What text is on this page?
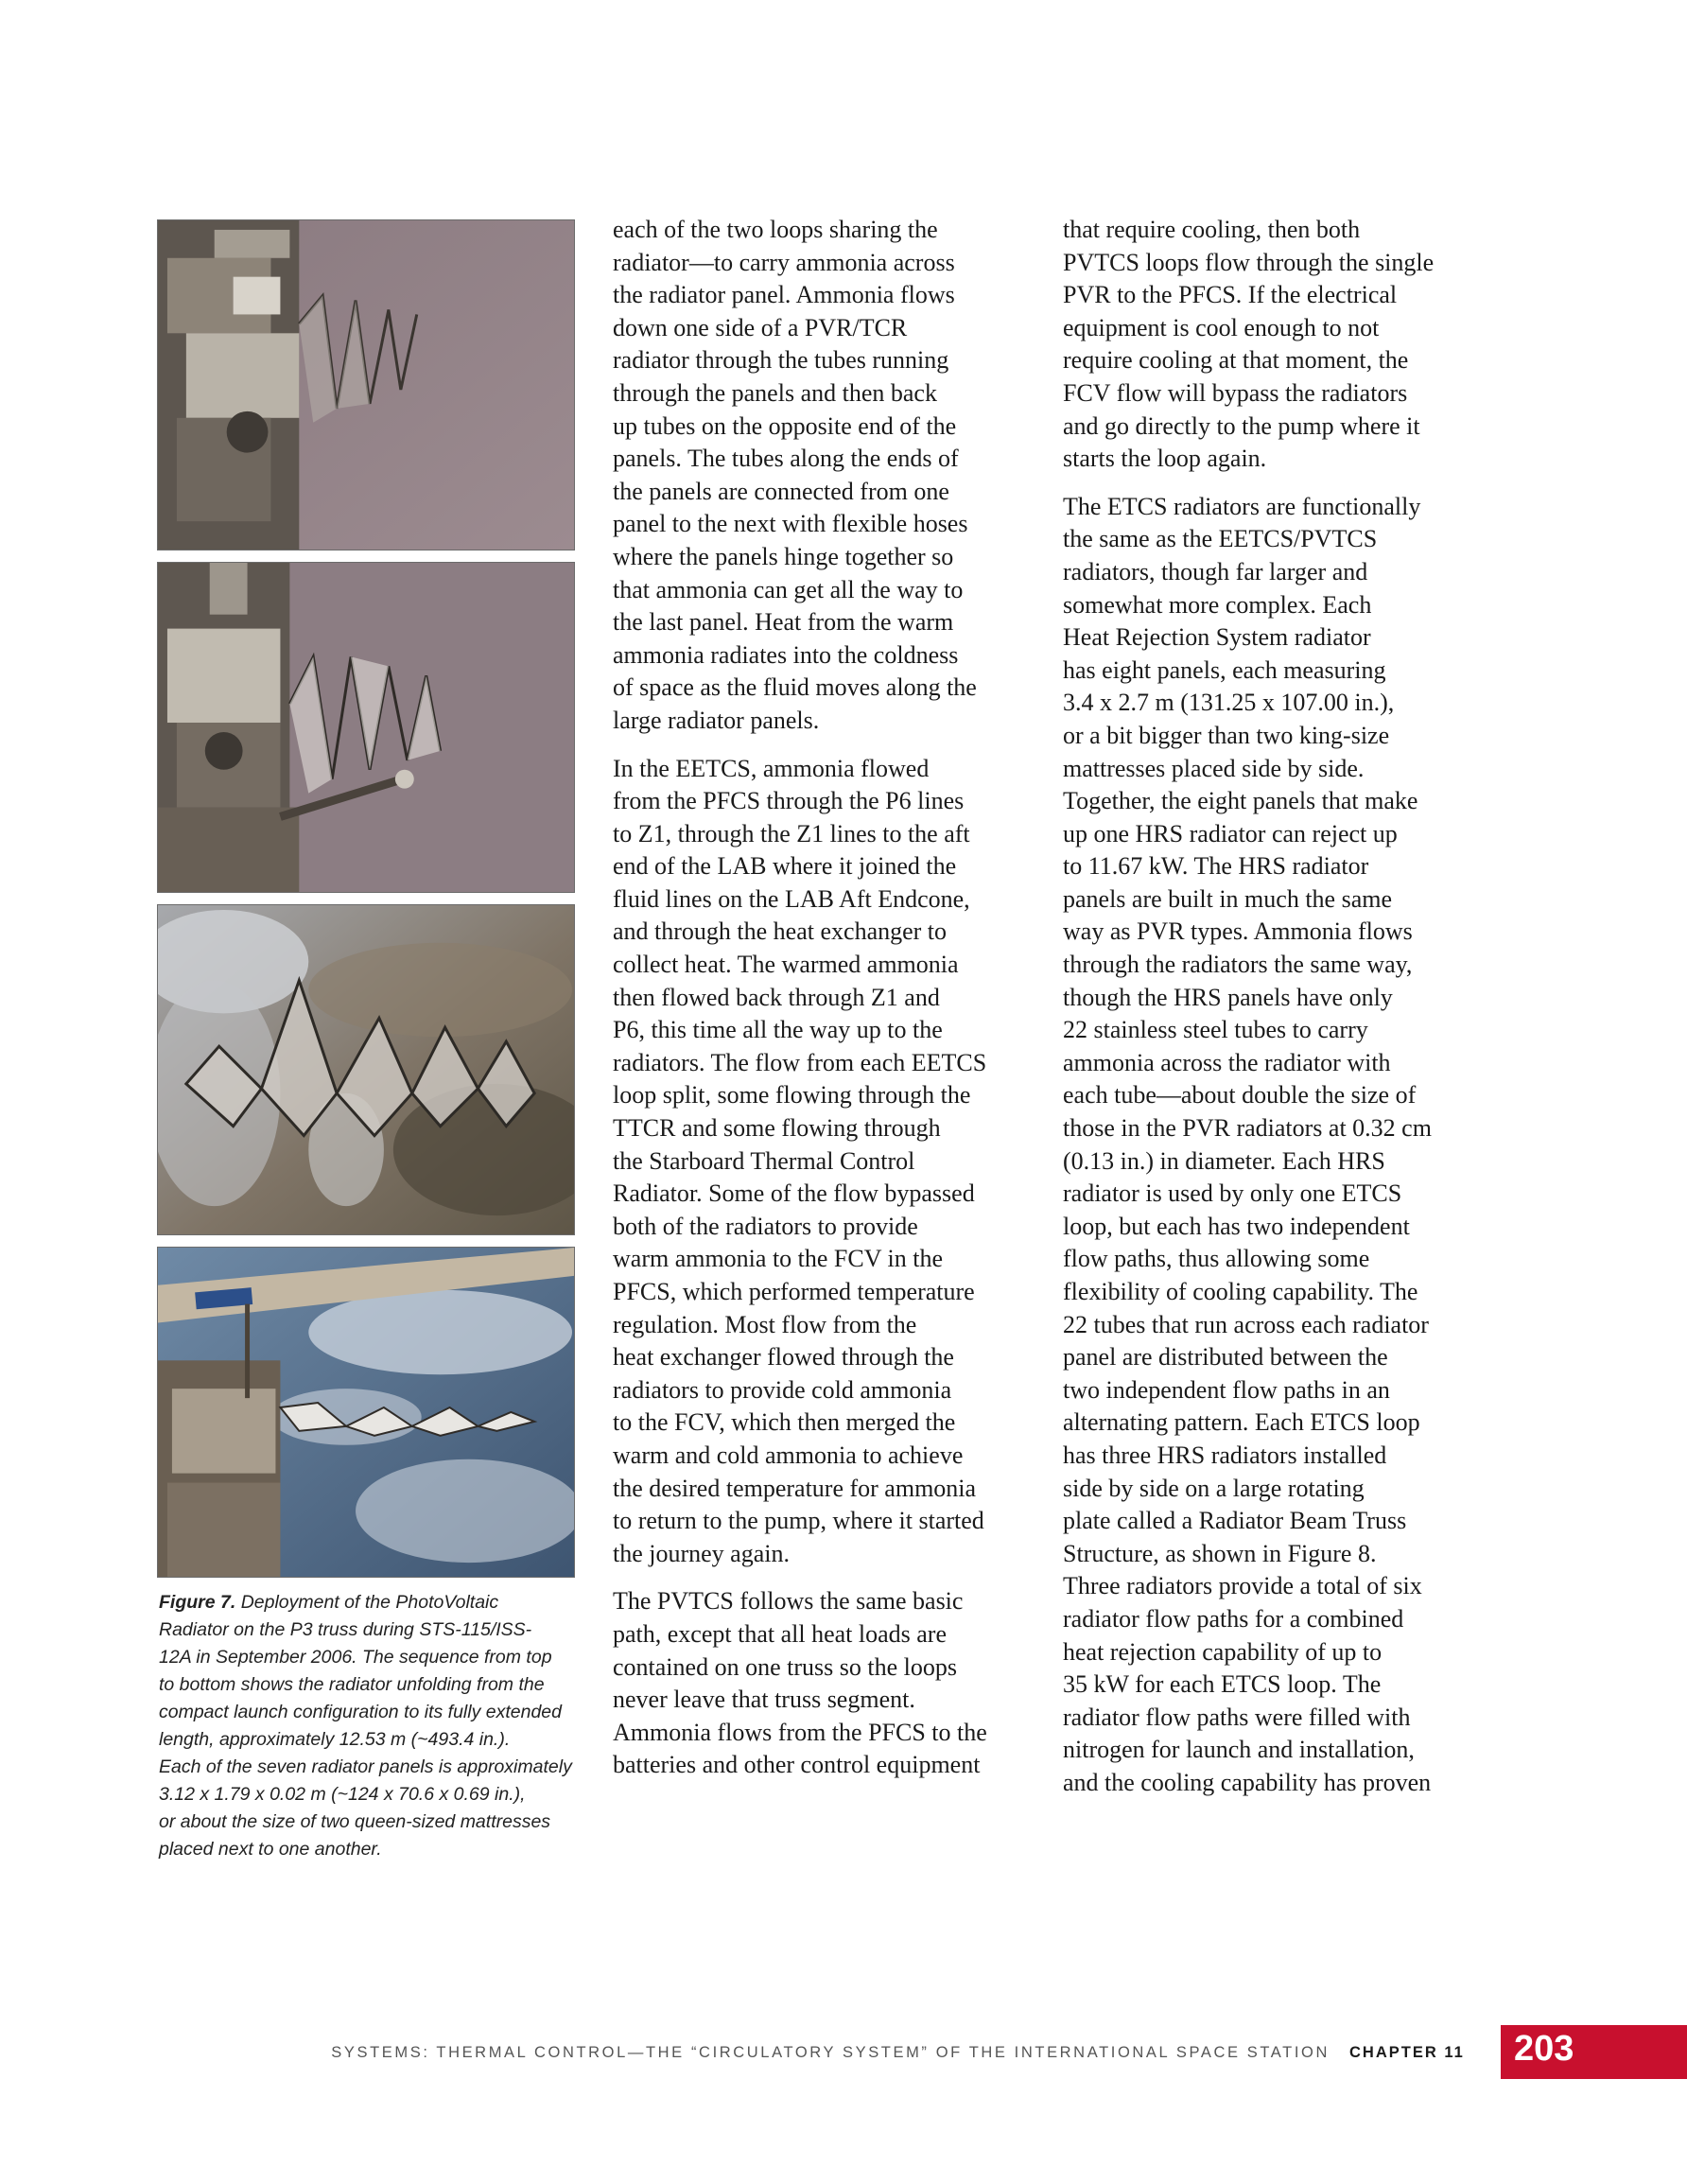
Figure 7. Deployment of the PhotoVoltaic
Radiator on the P3 truss during STS-115/ISS-
12A in September 2006. The sequence from top
to bottom shows the radiator unfolding from the
compact launch configuration to its fully extended
length, approximately 12.53 m (~493.4 in.).
Each of the seven radiator panels is approximately
3.12 x 1.79 x 0.02 m (~124 x 70.6 x 0.69 in.),
or about the size of two queen-sized mattresses
placed next to one another.

each of the two loops sharing the
radiator—to carry ammonia across
the radiator panel. Ammonia flows
down one side of a PVR/TCR
radiator through the tubes running
through the panels and then back
up tubes on the opposite end of the
panels. The tubes along the ends of
the panels are connected from one
panel to the next with flexible hoses
where the panels hinge together so
that ammonia can get all the way to
the last panel. Heat from the warm
ammonia radiates into the coldness
of space as the fluid moves along the
large radiator panels.

In the EETCS, ammonia flowed
from the PFCS through the P6 lines
to Z1, through the Z1 lines to the aft
end of the LAB where it joined the
fluid lines on the LAB Aft Endcone,
and through the heat exchanger to
collect heat. The warmed ammonia
then flowed back through Z1 and
P6, this time all the way up to the
radiators. The flow from each EETCS
loop split, some flowing through the
TTCR and some flowing through
the Starboard Thermal Control
Radiator. Some of the flow bypassed
both of the radiators to provide
warm ammonia to the FCV in the
PFCS, which performed temperature
regulation. Most flow from the
heat exchanger flowed through the
radiators to provide cold ammonia
to the FCV, which then merged the
warm and cold ammonia to achieve
the desired temperature for ammonia
to return to the pump, where it started
the journey again.

The PVTCS follows the same basic
path, except that all heat loads are
contained on one truss so the loops
never leave that truss segment.
Ammonia flows from the PFCS to the
batteries and other control equipment

that require cooling, then both
PVTCS loops flow through the single
PVR to the PFCS. If the electrical
equipment is cool enough to not
require cooling at that moment, the
FCV flow will bypass the radiators
and go directly to the pump where it
starts the loop again.

The ETCS radiators are functionally
the same as the EETCS/PVTCS
radiators, though far larger and
somewhat more complex. Each
Heat Rejection System radiator
has eight panels, each measuring
3.4 x 2.7 m (131.25 x 107.00 in.),
or a bit bigger than two king-size
mattresses placed side by side.
Together, the eight panels that make
up one HRS radiator can reject up
to 11.67 kW. The HRS radiator
panels are built in much the same
way as PVR types. Ammonia flows
through the radiators the same way,
though the HRS panels have only
22 stainless steel tubes to carry
ammonia across the radiator with
each tube—about double the size of
those in the PVR radiators at 0.32 cm
(0.13 in.) in diameter. Each HRS
radiator is used by only one ETCS
loop, but each has two independent
flow paths, thus allowing some
flexibility of cooling capability. The
22 tubes that run across each radiator
panel are distributed between the
two independent flow paths in an
alternating pattern. Each ETCS loop
has three HRS radiators installed
side by side on a large rotating
plate called a Radiator Beam Truss
Structure, as shown in Figure 8.
Three radiators provide a total of six
radiator flow paths for a combined
heat rejection capability of up to
35 kW for each ETCS loop. The
radiator flow paths were filled with
nitrogen for launch and installation,
and the cooling capability has proven

SYSTEMS: THERMAL CONTROL—THE “CIRCULATORY SYSTEM” OF THE INTERNATIONAL SPACE STATION CHAPTER 11 203
